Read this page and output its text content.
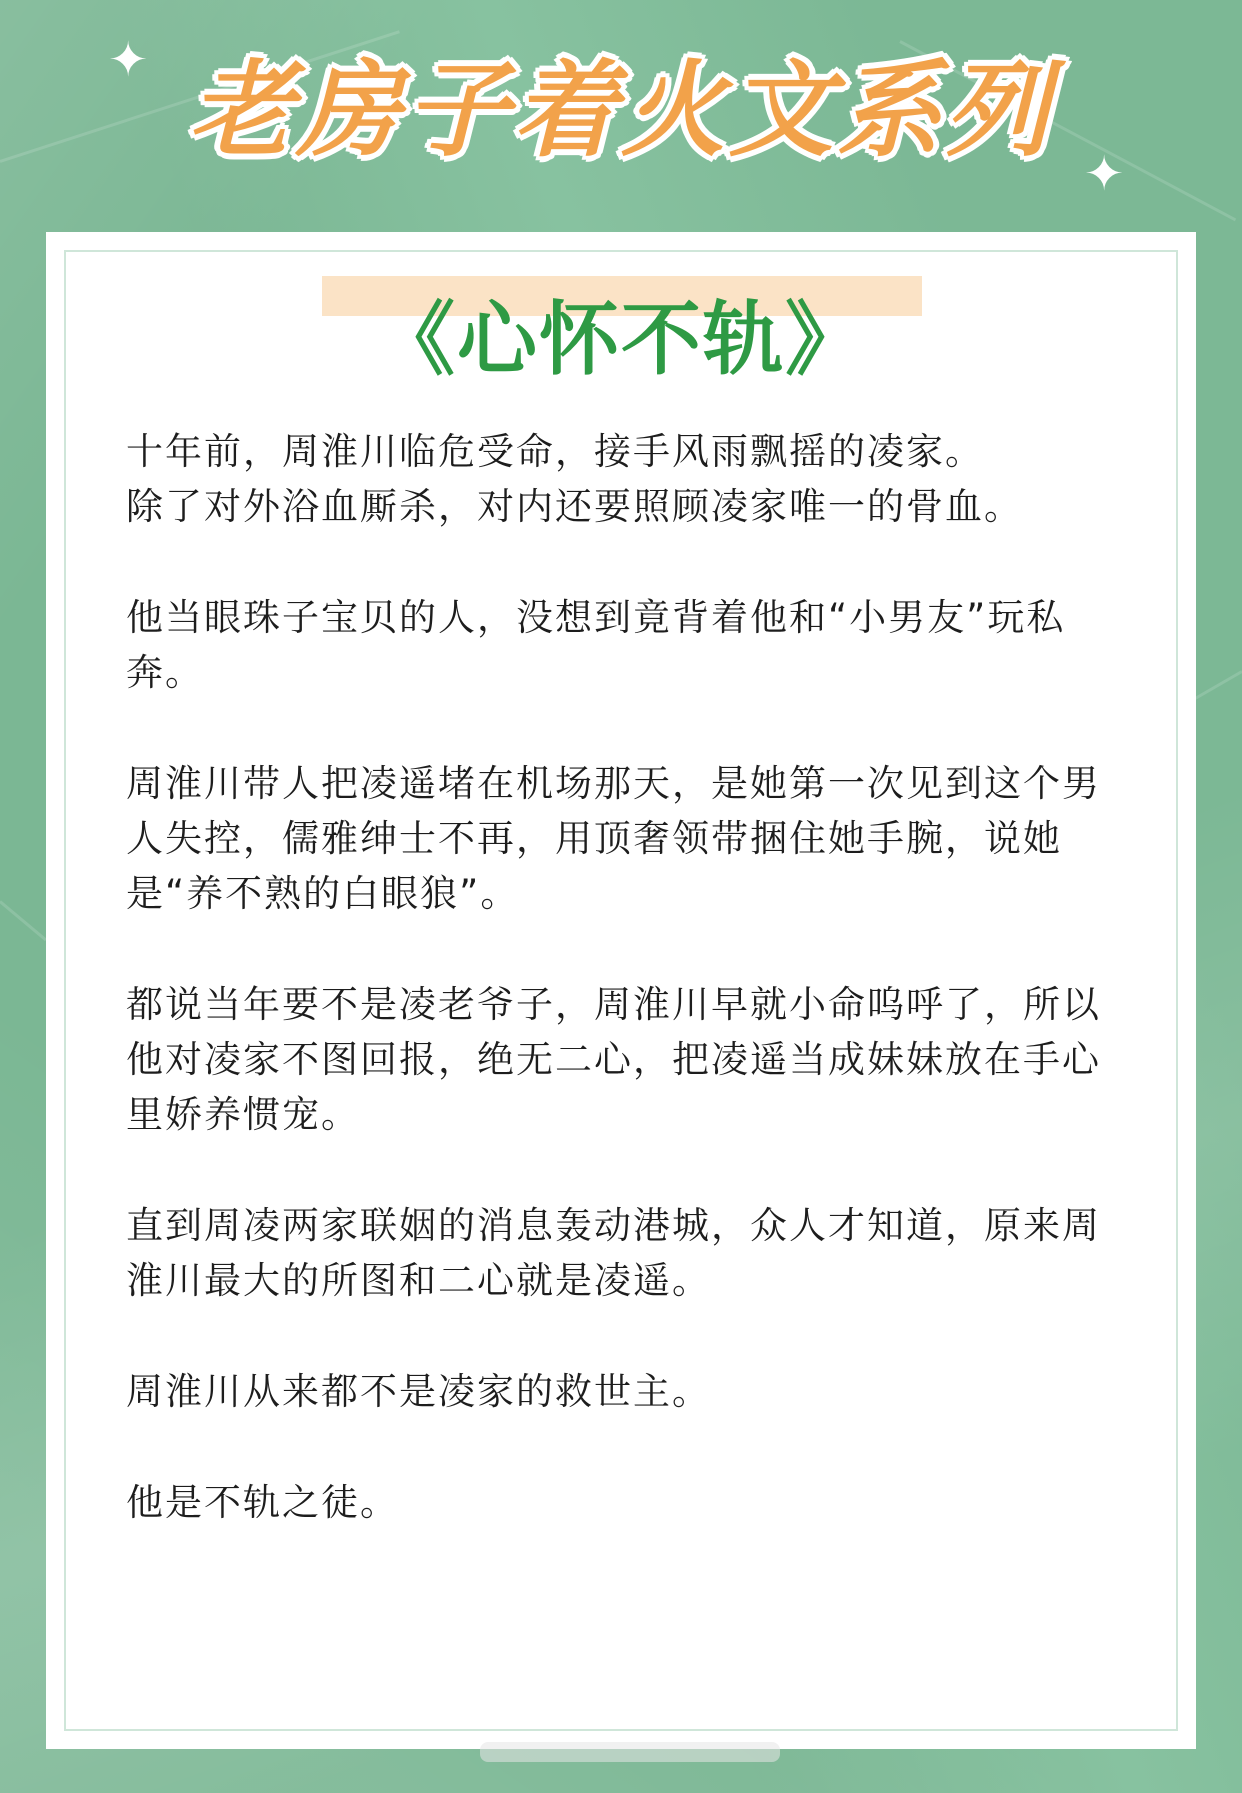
✦
✦
老房子着火文系列
《心怀不轨》

十年前，周淮川临危受命，接手风雨飘摇的凌家。

除了对外浴血厮杀，对内还要照顾凌家唯一的骨血。

他当眼珠子宝贝的人，没想到竟背着他和“小男友”玩私奔。

周淮川带人把凌遥堵在机场那天，是她第一次见到这个男人失控，儒雅绅士不再，用顶奢领带捆住她手腕，说她是“养不熟的白眼狼”。

都说当年要不是凌老爷子，周淮川早就小命呜呼了，所以他对凌家不图回报，绝无二心，把凌遥当成妹妹放在手心里娇养惯宠。

直到周凌两家联姻的消息轰动港城，众人才知道，原来周淮川最大的所图和二心就是凌遥。

周淮川从来都不是凌家的救世主。

他是不轨之徒。
